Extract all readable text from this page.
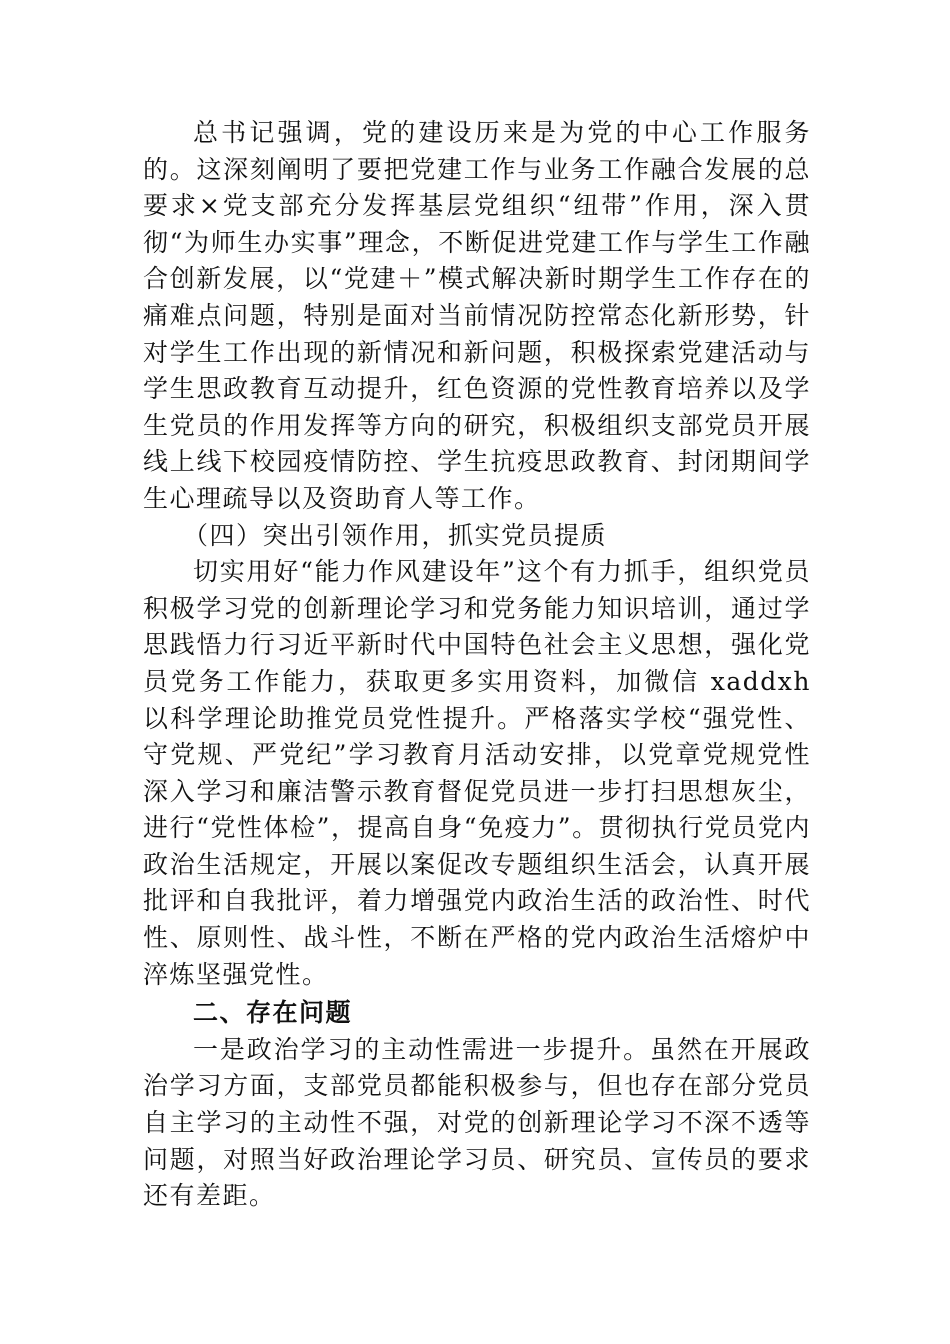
总书记强调，党的建设历来是为党的中心工作服务的。这深刻阐明了要把党建工作与业务工作融合发展的总要求×党支部充分发挥基层党组织“纽带”作用，深入贯彻“为师生办实事”理念，不断促进党建工作与学生工作融合创新发展，以“党建＋”模式解决新时期学生工作存在的痛难点问题，特别是面对当前情况防控常态化新形势，针对学生工作出现的新情况和新问题，积极探索党建活动与学生思政教育互动提升，红色资源的党性教育培养以及学生党员的作用发挥等方向的研究，积极组织支部党员开展线上线下校园疫情防控、学生抗疫思政教育、封闭期间学生心理疏导以及资助育人等工作。

（四）突出引领作用，抓实党员提质

切实用好“能力作风建设年”这个有力抓手，组织党员积极学习党的创新理论学习和党务能力知识培训，通过学思践悟力行习近平新时代中国特色社会主义思想，强化党员党务工作能力，获取更多实用资料，加微信 xaddxh 以科学理论助推党员党性提升。严格落实学校“强党性、守党规、严党纪”学习教育月活动安排，以党章党规党性深入学习和廉洁警示教育督促党员进一步打扫思想灰尘，进行“党性体检”，提高自身“免疫力”。贯彻执行党员党内政治生活规定，开展以案促改专题组织生活会，认真开展批评和自我批评，着力增强党内政治生活的政治性、时代性、原则性、战斗性，不断在严格的党内政治生活熔炉中淬炼坚强党性。

二、存在问题

一是政治学习的主动性需进一步提升。虽然在开展政治学习方面，支部党员都能积极参与，但也存在部分党员自主学习的主动性不强，对党的创新理论学习不深不透等问题，对照当好政治理论学习员、研究员、宣传员的要求还有差距。
